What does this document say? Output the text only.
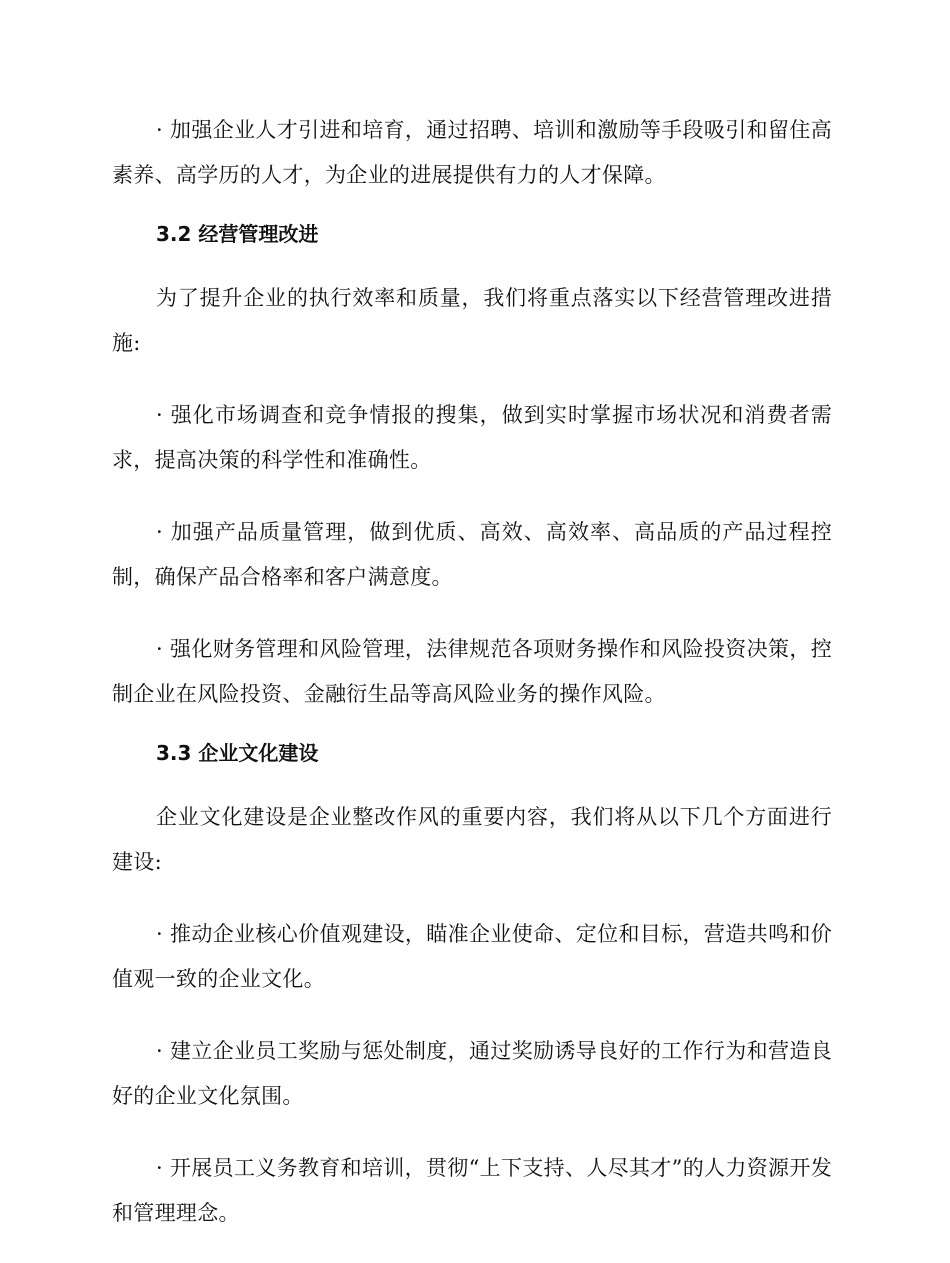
· 加强企业人才引进和培育，通过招聘、培训和激励等手段吸引和留住高素养、高学历的人才，为企业的进展提供有力的人才保障。

3.2 经营管理改进

为了提升企业的执行效率和质量，我们将重点落实以下经营管理改进措施:

· 强化市场调查和竞争情报的搜集，做到实时掌握市场状况和消费者需求，提高决策的科学性和准确性。

· 加强产品质量管理，做到优质、高效、高效率、高品质的产品过程控制，确保产品合格率和客户满意度。

· 强化财务管理和风险管理，法律规范各项财务操作和风险投资决策，控制企业在风险投资、金融衍生品等高风险业务的操作风险。

3.3 企业文化建设

企业文化建设是企业整改作风的重要内容，我们将从以下几个方面进行建设:

· 推动企业核心价值观建设，瞄准企业使命、定位和目标，营造共鸣和价值观一致的企业文化。

· 建立企业员工奖励与惩处制度，通过奖励诱导良好的工作行为和营造良好的企业文化氛围。

· 开展员工义务教育和培训，贯彻“上下支持、人尽其才”的人力资源开发和管理理念。
